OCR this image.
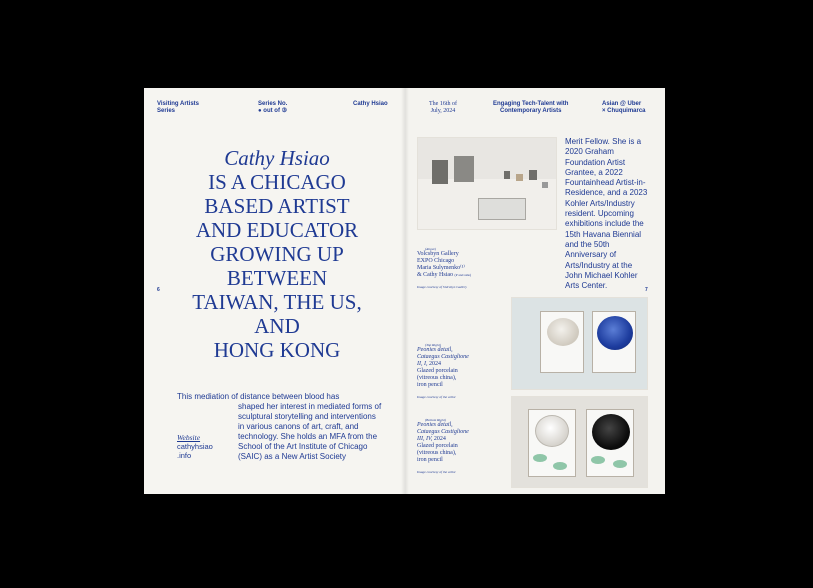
Visiting Artists
Series
Series No.
● out of ③
Cathy Hsiao
6
Cathy Hsiao
IS A CHICAGO
BASED ARTIST
AND EDUCATOR
GROWING UP
BETWEEN
TAIWAN, THE US,
AND
HONG KONG
This mediation of distance between blood has
shaped her interest in mediated forms of sculptural storytelling and interventions in various canons of art, craft, and technology. She holds an MFA from the School of the Art Institute of Chicago (SAIC) as a New Artist Society
Website
cathyhsiao
.info
The 16th of
July, 2024
Engaging Tech-Talent with
Contemporary Artists
Asian @ Uber
× Chuquimarca
7
Merit Fellow. She is a 2020 Graham Foundation Artist Grantee, a 2022 Fountainhead Artist-in-Residence, and a 2023 Kohler Arts/Industry resident. Upcoming exhibitions include the 15th Havana Biennial and the 50th Anniversary of Arts/Industry at the John Michael Kohler Arts Center.
(Above)
Volcsbyn Gallery
EXPO Chicago
Maria Sulymenko⁽¹⁾
& Cathy Hsiao (P and side)
Image courtesy of Volcsbyn Gallery
(Top Right)
Peonies detail,
Cataegus Castiglione
II, I, 2024
Glazed porcelain
(vitreous china),
iron pencil
Image courtesy of the artist
(Bottom Right)
Peonies detail,
Cataegus Castiglione
III, IV, 2024
Glazed porcelain
(vitreous china),
iron pencil
Image courtesy of the artist
